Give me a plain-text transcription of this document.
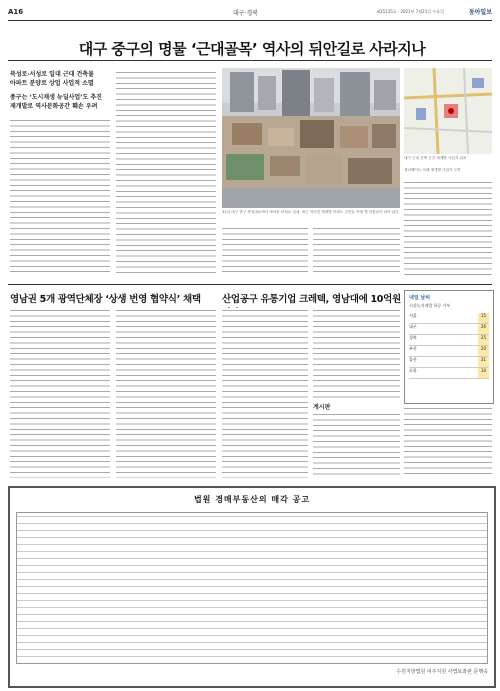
A16	대구·경북	제35135호 · 2021년 7월21일 수요일	동아일보
대구 중구의 명물 ‘근대골목’ 역사의 뒤안길로 사라지나
북성로·서성로 일대 근대 건축물
아파트 분양로 상업 사업적 소멸
종구는 ‘도시재생 뉴딜사업’도 추진
재개발로 역사문화공간 훼손 우려
31일 대구 중구 중앙대로에서 바라본 북성로 일대. 최근 지어진 재개발 아파트 주민들 속에 옛 건물들이 남아 있다.
대구 근대 건축 공간 재개발 사업지 위치
엘리베이트 아래 재개발 사업지 도면
영남권 5개 광역단체장 ‘상생 번영 협약식’ 채택	산업공구 유통기업 크레텍, 영남대에 10억원
게시판
내일 날씨
시설녹지개발 하루 기부
서울	15
대구	26
경북	25
부산	20
울산	31
포항	10
법원 경매부동산의 매각 공고
수원지방법원 여주지원 사법보좌관 문행숙
